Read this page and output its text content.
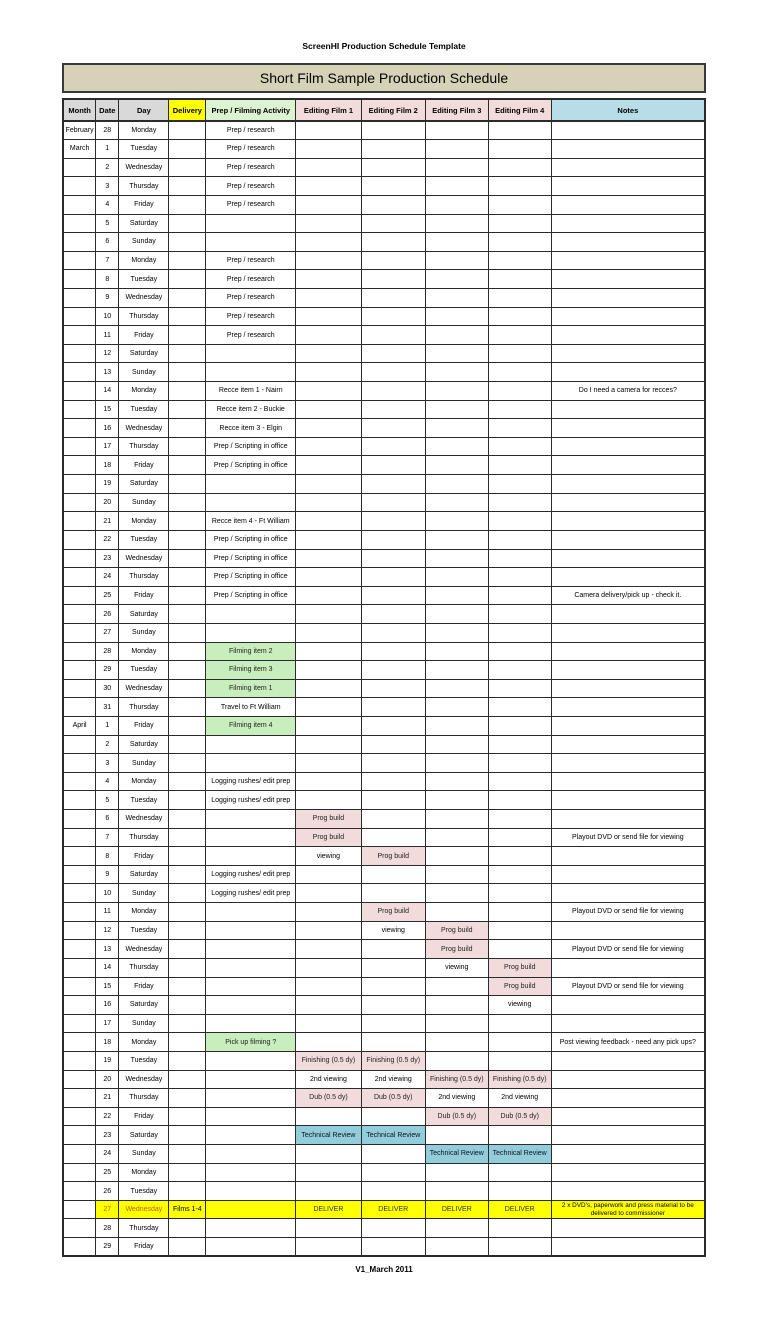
ScreenHI Production Schedule Template
Short Film Sample Production Schedule
Month	Date	Day	Delivery	Prep / Filming Activity	Editing Film 1	Editing Film 2	Editing Film 3	Editing Film 4	Notes
February	28	Monday		Prep / research					
March	1	Tuesday		Prep / research					
	2	Wednesday		Prep / research					
	3	Thursday		Prep / research					
	4	Friday		Prep / research					
	5	Saturday							
	6	Sunday							
	7	Monday		Prep / research					
	8	Tuesday		Prep / research					
	9	Wednesday		Prep / research					
	10	Thursday		Prep / research					
	11	Friday		Prep / research					
	12	Saturday							
	13	Sunday							
	14	Monday		Recce item 1 - Nairn					Do I need a camera for recces?
	15	Tuesday		Recce item 2 - Buckie					
	16	Wednesday		Recce item 3 - Elgin					
	17	Thursday		Prep / Scripting in office					
	18	Friday		Prep / Scripting in office					
	19	Saturday							
	20	Sunday							
	21	Monday		Recce item 4 - Ft William					
	22	Tuesday		Prep / Scripting in office					
	23	Wednesday		Prep / Scripting in office					
	24	Thursday		Prep / Scripting in office					
	25	Friday		Prep / Scripting in office					Camera delivery/pick up - check it.
	26	Saturday							
	27	Sunday							
	28	Monday		Filming item 2					
	29	Tuesday		Filming item 3					
	30	Wednesday		Filming item 1					
	31	Thursday		Travel to Ft William					
April	1	Friday		Filming item 4					
	2	Saturday							
	3	Sunday							
	4	Monday		Logging rushes/ edit prep					
	5	Tuesday		Logging rushes/ edit prep					
	6	Wednesday			Prog build				
	7	Thursday			Prog build				Playout DVD or send file for viewing
	8	Friday			viewing	Prog build			
	9	Saturday		Logging rushes/ edit prep					
	10	Sunday		Logging rushes/ edit prep					
	11	Monday				Prog build			Playout DVD or send file for viewing
	12	Tuesday				viewing	Prog build		
	13	Wednesday					Prog build		Playout DVD or send file for viewing
	14	Thursday					viewing	Prog build	
	15	Friday						Prog build	Playout DVD or send file for viewing
	16	Saturday						viewing	
	17	Sunday							
	18	Monday		Pick up filming ?					Post viewing feedback - need any pick ups?
	19	Tuesday			Finishing (0.5 dy)	Finishing (0.5 dy)			
	20	Wednesday			2nd viewing	2nd viewing	Finishing (0.5 dy)	Finishing (0.5 dy)	
	21	Thursday			Dub (0.5 dy)	Dub (0.5 dy)	2nd viewing	2nd viewing	
	22	Friday					Dub (0.5 dy)	Dub (0.5 dy)	
	23	Saturday			Technical Review	Technical Review			
	24	Sunday					Technical Review	Technical Review	
	25	Monday							
	26	Tuesday							
	27	Wednesday	Films 1-4		DELIVER	DELIVER	DELIVER	DELIVER	2 x DVD's, paperwork and press material to be delivered to commissioner
	28	Thursday							
	29	Friday							
V1_March 2011
